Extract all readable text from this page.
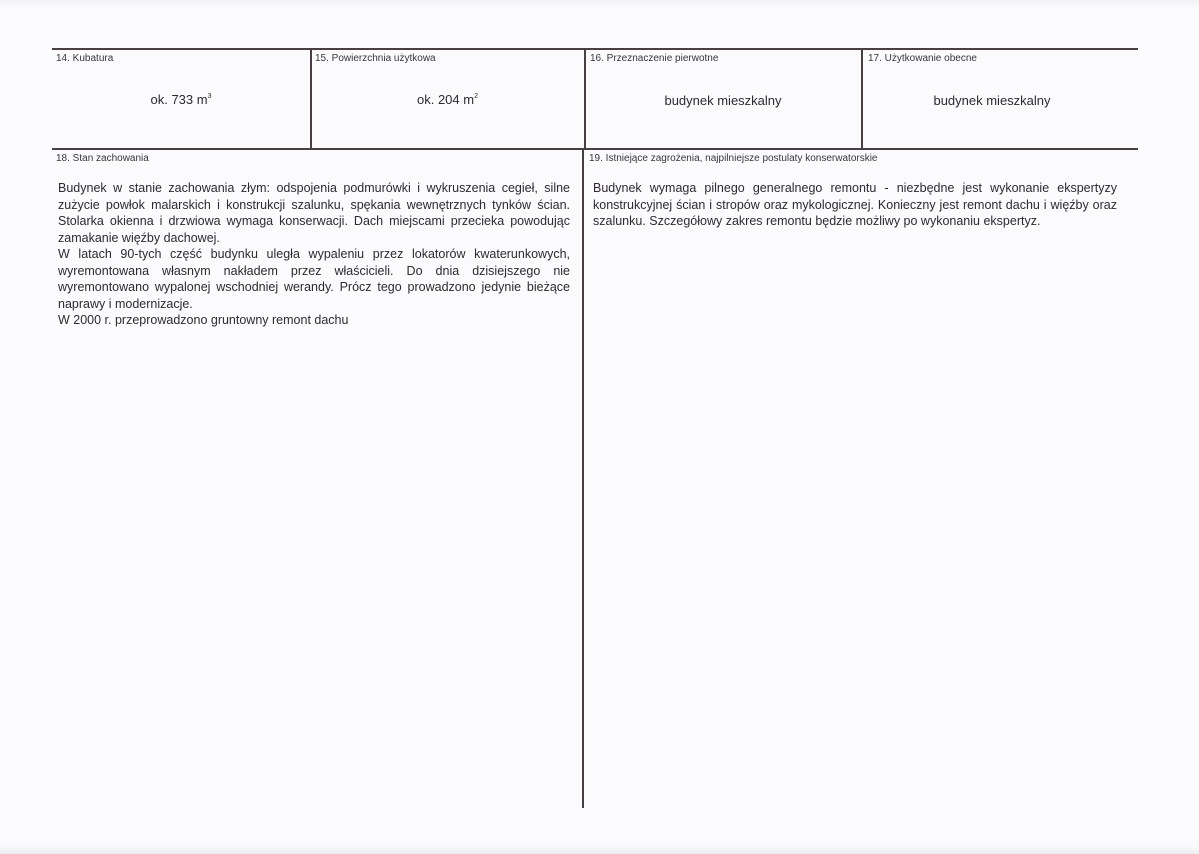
14. Kubatura
ok. 733 $m^3$
15. Powierzchnia użytkowa
ok. 204 $m^2$
16. Przeznaczenie pierwotne
budynek mieszkalny
17. Użytkowanie obecne
budynek mieszkalny
18. Stan zachowania

Budynek w stanie zachowania złym: odspojenia podmurówki i wykruszenia cegieł, silne zużycie powłok malarskich i konstrukcji szalunku, spękania wewnętrznych tynków ścian. Stolarka okienna i drzwiowa wymaga konserwacji. Dach miejscami przecieka powodując zamakanie więźby dachowej.

W latach 90-tych część budynku uległa wypaleniu przez lokatorów kwaterunkowych, wyremontowana własnym nakładem przez właścicieli. Do dnia dzisiejszego nie wyremontowano wypalonej wschodniej werandy. Prócz tego prowadzono jedynie bieżące naprawy i modernizacje.

W 2000 r. przeprowadzono gruntowny remont dachu

19. Istniejące zagrożenia, najpilniejsze postulaty konserwatorskie

Budynek wymaga pilnego generalnego remontu - niezbędne jest wykonanie ekspertyzy konstrukcyjnej ścian i stropów oraz mykologicznej. Konieczny jest remont dachu i więźby oraz szalunku. Szczegółowy zakres remontu będzie możliwy po wykonaniu ekspertyz.
